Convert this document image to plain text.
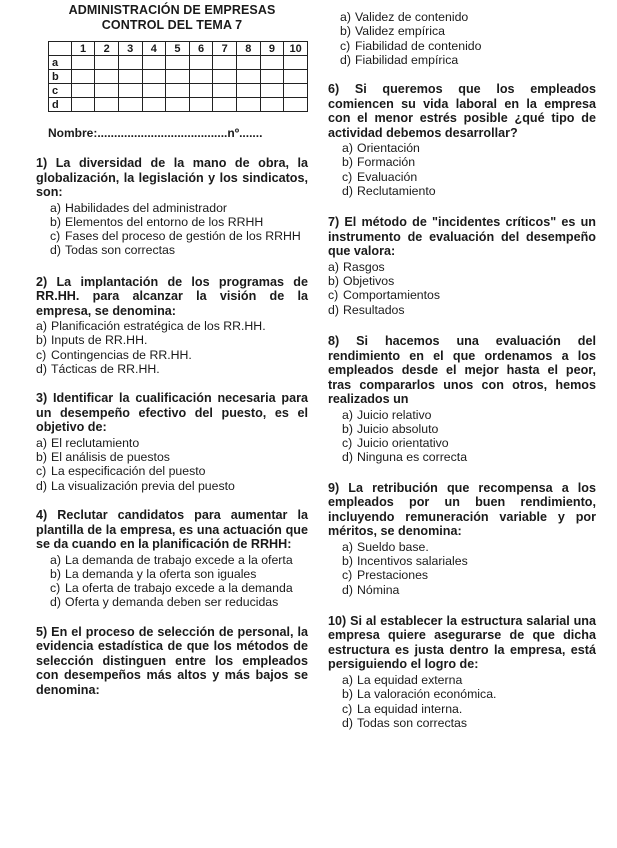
ADMINISTRACIÓN DE EMPRESAS
CONTROL DEL TEMA 7
	1	2	3	4	5	6	7	8	9	10
a										
b										
c										
d										
Nombre:.......................................nº.......
1) La diversidad de la mano de obra, la globalización, la legislación y los sindicatos, son:
a) Habilidades del administrador
b) Elementos del entorno de los RRHH
c) Fases del proceso de gestión de los RRHH
d) Todas son correctas
2) La implantación de los programas de RR.HH. para alcanzar la visión de la empresa, se denomina:
a) Planificación estratégica de los RR.HH.
b) Inputs de RR.HH.
c) Contingencias de RR.HH.
d) Tácticas de RR.HH.
3) Identificar la cualificación necesaria para un desempeño efectivo del puesto, es el objetivo de:
a) El reclutamiento
b) El análisis de puestos
c) La especificación del puesto
d) La visualización previa del puesto
4) Reclutar candidatos para aumentar la plantilla de la empresa, es una actuación que se da cuando en la planificación de RRHH:
a) La demanda de trabajo excede a la oferta
b) La demanda y la oferta son iguales
c) La oferta de trabajo excede a la demanda
d) Oferta y demanda deben ser reducidas
5) En el proceso de selección de personal, la evidencia estadística de que los métodos de selección distinguen entre los empleados con desempeños más altos y más bajos se denomina:
a) Validez de contenido
b) Validez empírica
c) Fiabilidad de contenido
d) Fiabilidad empírica
6) Si queremos que los empleados comiencen su vida laboral en la empresa con el menor estrés posible ¿qué tipo de actividad debemos desarrollar?
a) Orientación
b) Formación
c) Evaluación
d) Reclutamiento
7) El método de "incidentes críticos" es un instrumento de evaluación del desempeño que valora:
a) Rasgos
b) Objetivos
c) Comportamientos
d) Resultados
8) Si hacemos una evaluación del rendimiento en el que ordenamos a los empleados desde el mejor hasta el peor, tras compararlos unos con otros, hemos realizados un
a) Juicio relativo
b) Juicio absoluto
c) Juicio orientativo
d) Ninguna es correcta
9) La retribución que recompensa a los empleados por un buen rendimiento, incluyendo remuneración variable y por méritos, se denomina:
a) Sueldo base.
b) Incentivos salariales
c) Prestaciones
d) Nómina
10) Si al establecer la estructura salarial una empresa quiere asegurarse de que dicha estructura es justa dentro la empresa, está persiguiendo el logro de:
a) La equidad externa
b) La valoración económica.
c) La equidad interna.
d) Todas son correctas
